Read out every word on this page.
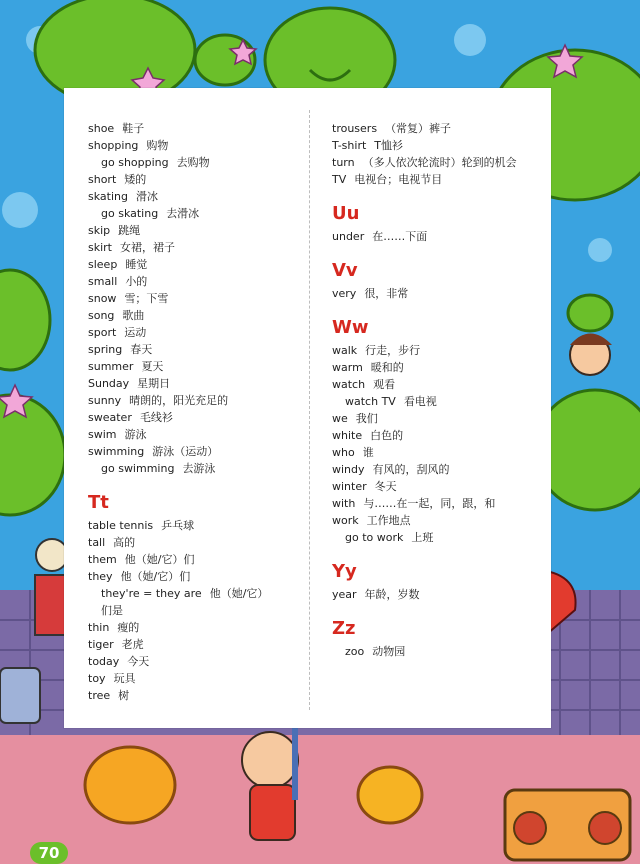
shoe 鞋子
shopping 购物
go shopping 去购物
short 矮的
skating 滑冰
go skating 去滑冰
skip 跳绳
skirt 女裙，裙子
sleep 睡觉
small 小的
snow 雪；下雪
song 歌曲
sport 运动
spring 春天
summer 夏天
Sunday 星期日
sunny 晴朗的，阳光充足的
sweater 毛线衫
swim 游泳
swimming 游泳（运动）
go swimming 去游泳
Tt
table tennis 乒乓球
tall 高的
them 他（她/它）们
they 他（她/它）们
they're = they are 他（她/它）
们是
thin 瘦的
tiger 老虎
today 今天
toy 玩具
tree 树
trousers （常复）裤子
T-shirt T恤衫
turn （多人依次轮流时）轮到的机会
TV 电视台；电视节目
Uu
under 在……下面
Vv
very 很，非常
Ww
walk 行走，步行
warm 暖和的
watch 观看
watch TV 看电视
we 我们
white 白色的
who 谁
windy 有风的，刮风的
winter 冬天
with 与……在一起，同，跟，和
work 工作地点
go to work 上班
Yy
year 年龄，岁数
Zz
zoo 动物园
70
